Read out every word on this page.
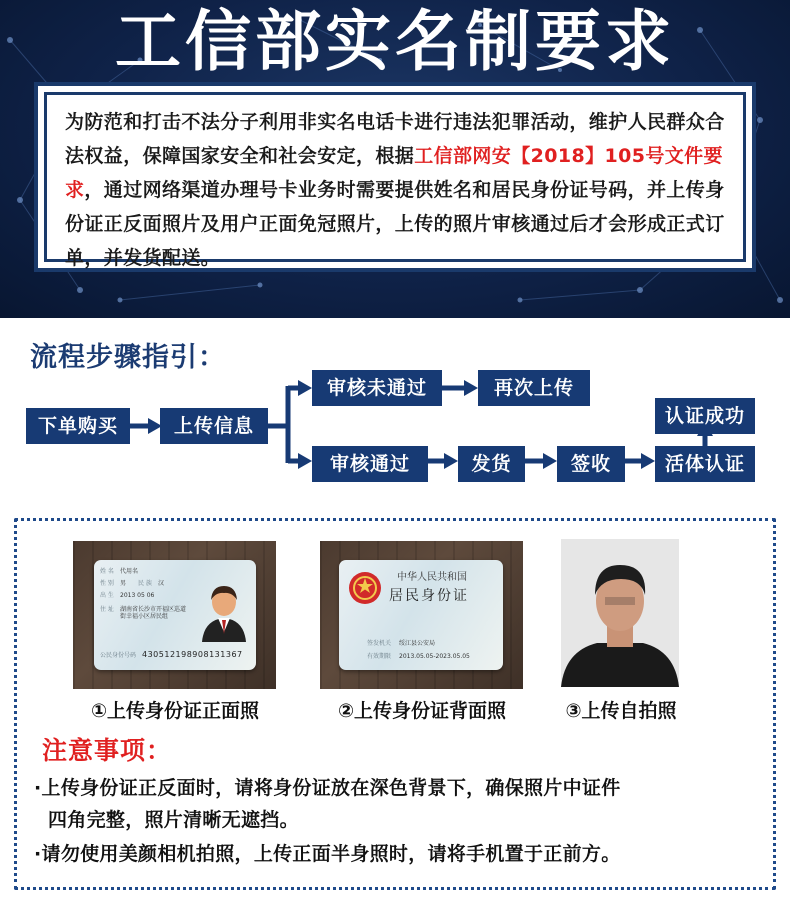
工信部实名制要求
为防范和打击不法分子利用非实名电话卡进行违法犯罪活动，维护人民群众合法权益，保障国家安全和社会安定，根据工信部网安【2018】105号文件要求，通过网络渠道办理号卡业务时需要提供姓名和居民身份证号码，并上传身份证正反面照片及用户正面免冠照片，上传的照片审核通过后才会形成正式订单，并发货配送。
流程步骤指引：
下单购买	上传信息
审核未通过	再次上传
审核通过	发货	签收	活体认证
认证成功
姓 名 代用名
性 别 男 民 族 汉
出 生 2013 05 06
住 址 湖南省长沙市开福区巡道街幸福小区居民组
公民身份号码 430512198908131367
中华人民共和国
居民身份证
签发机关 绥江县公安局
有效期限 2013.05.05-2023.05.05
①上传身份证正面照	②上传身份证背面照	③上传自拍照
注意事项：
·上传身份证正反面时，请将身份证放在深色背景下，确保照片中证件
四角完整，照片清晰无遮挡。
·请勿使用美颜相机拍照，上传正面半身照时，请将手机置于正前方。
